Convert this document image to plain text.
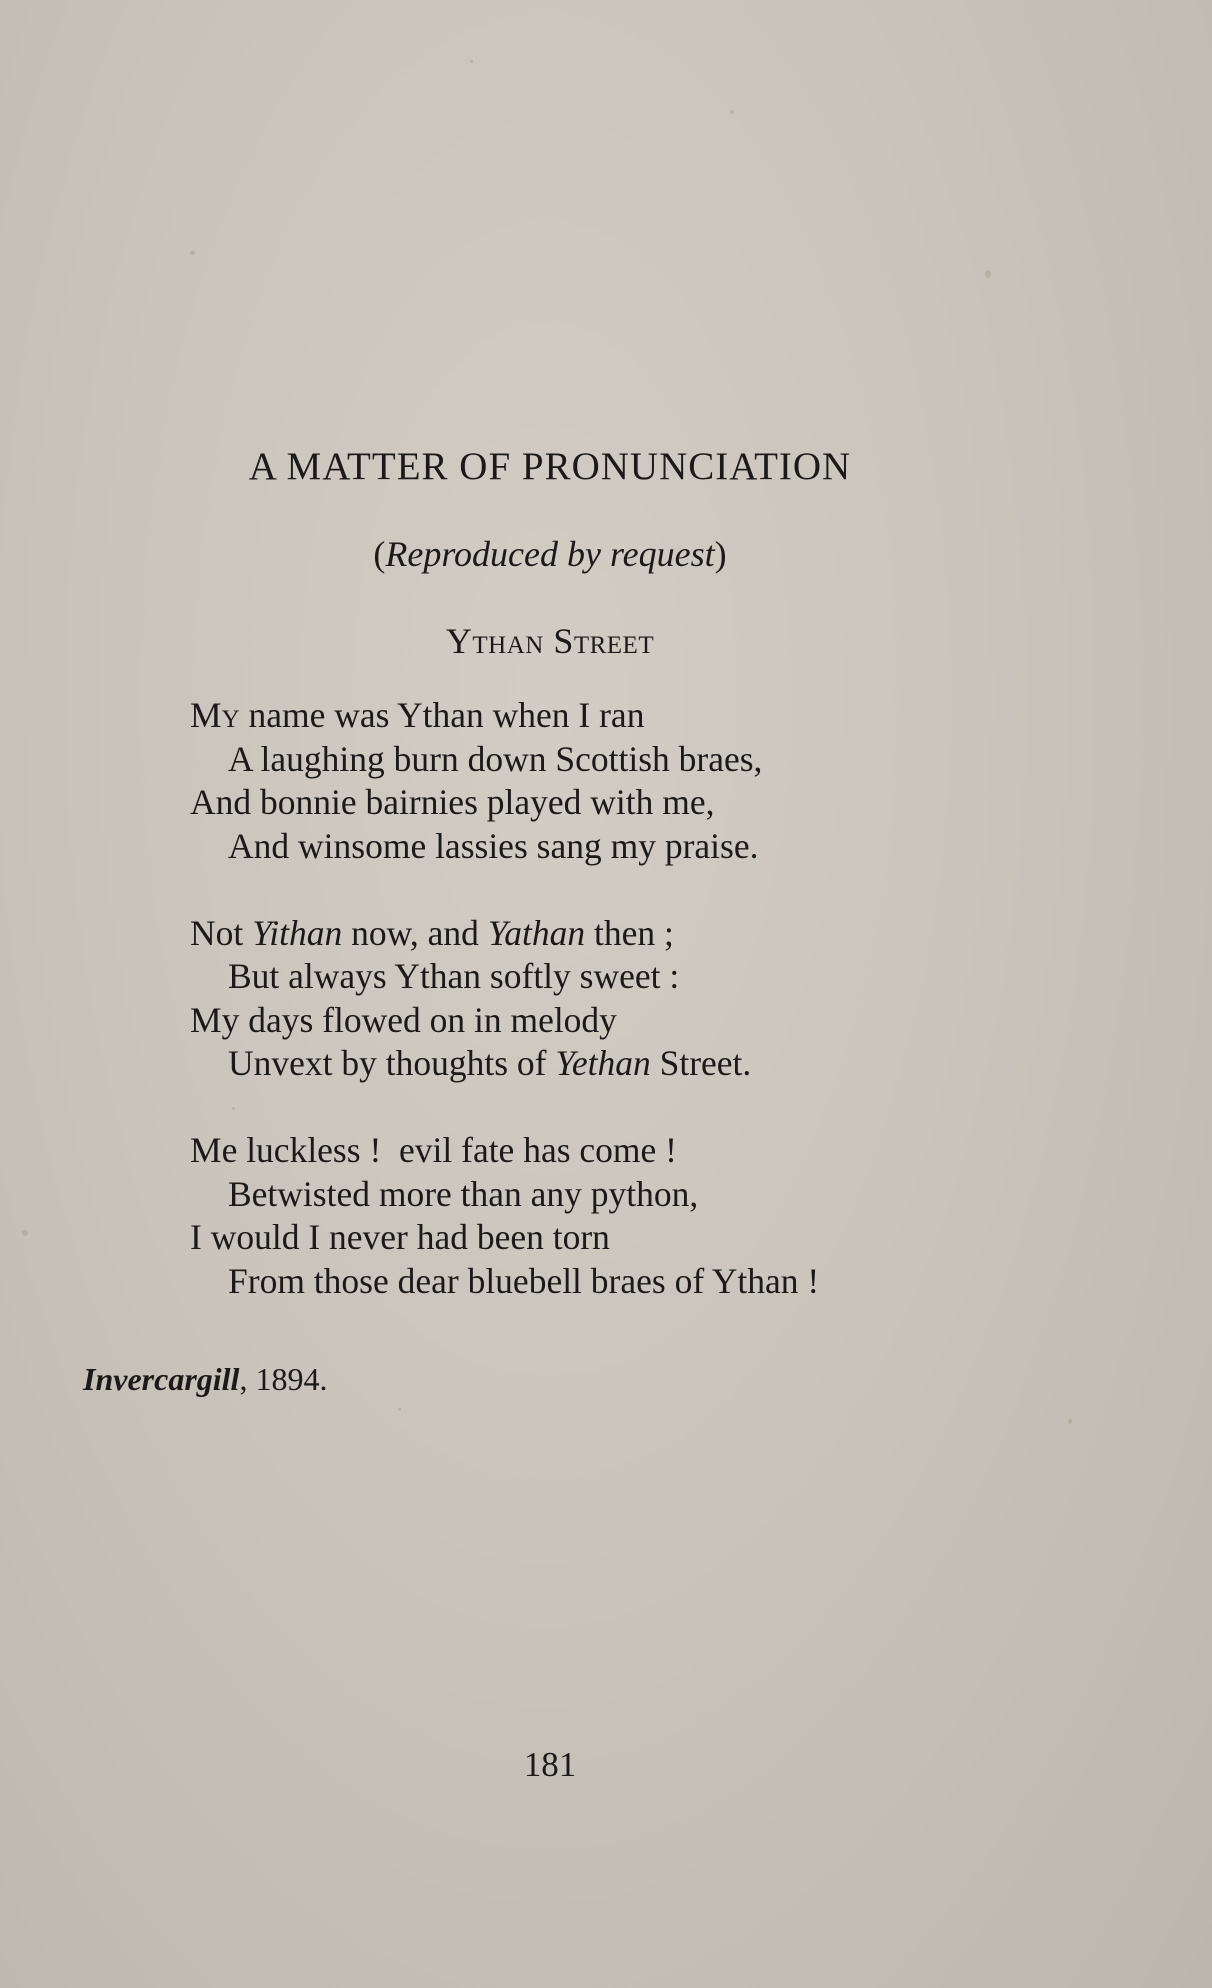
A MATTER OF PRONUNCIATION
(Reproduced by request)
Ythan Street
My name was Ythan when I ran
A laughing burn down Scottish braes,
And bonnie bairnies played with me,
And winsome lassies sang my praise.
Not Yithan now, and Yathan then ;
But always Ythan softly sweet :
My days flowed on in melody
Unvext by thoughts of Yethan Street.
Me luckless !  evil fate has come !
Betwisted more than any python,
I would I never had been torn
From those dear bluebell braes of Ythan !
Invercargill, 1894.
181
